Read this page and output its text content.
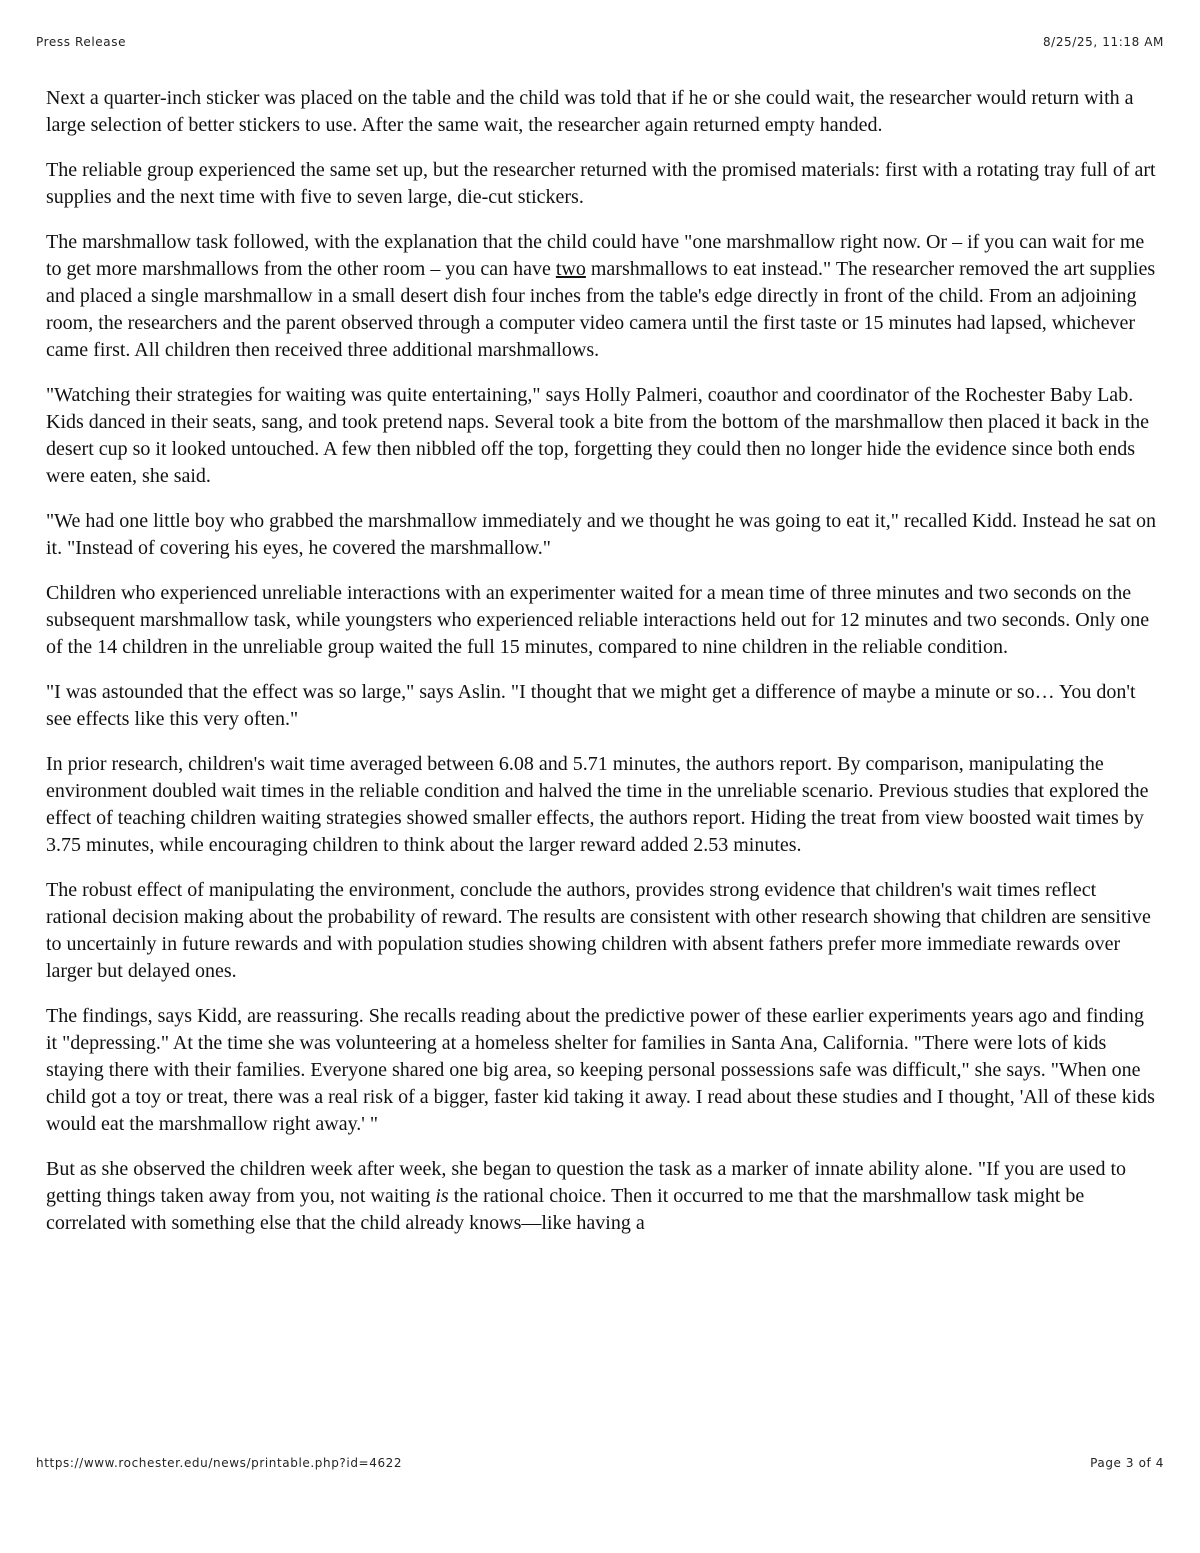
Press Release	8/25/25, 11:18 AM

Next a quarter-inch sticker was placed on the table and the child was told that if he or she could wait, the researcher would return with a large selection of better stickers to use. After the same wait, the researcher again returned empty handed.

The reliable group experienced the same set up, but the researcher returned with the promised materials: first with a rotating tray full of art supplies and the next time with five to seven large, die-cut stickers.

The marshmallow task followed, with the explanation that the child could have "one marshmallow right now. Or – if you can wait for me to get more marshmallows from the other room – you can have two marshmallows to eat instead." The researcher removed the art supplies and placed a single marshmallow in a small desert dish four inches from the table's edge directly in front of the child. From an adjoining room, the researchers and the parent observed through a computer video camera until the first taste or 15 minutes had lapsed, whichever came first. All children then received three additional marshmallows.

"Watching their strategies for waiting was quite entertaining," says Holly Palmeri, coauthor and coordinator of the Rochester Baby Lab. Kids danced in their seats, sang, and took pretend naps. Several took a bite from the bottom of the marshmallow then placed it back in the desert cup so it looked untouched. A few then nibbled off the top, forgetting they could then no longer hide the evidence since both ends were eaten, she said.

"We had one little boy who grabbed the marshmallow immediately and we thought he was going to eat it," recalled Kidd. Instead he sat on it. "Instead of covering his eyes, he covered the marshmallow."

Children who experienced unreliable interactions with an experimenter waited for a mean time of three minutes and two seconds on the subsequent marshmallow task, while youngsters who experienced reliable interactions held out for 12 minutes and two seconds. Only one of the 14 children in the unreliable group waited the full 15 minutes, compared to nine children in the reliable condition.

"I was astounded that the effect was so large," says Aslin. "I thought that we might get a difference of maybe a minute or so… You don't see effects like this very often."

In prior research, children's wait time averaged between 6.08 and 5.71 minutes, the authors report. By comparison, manipulating the environment doubled wait times in the reliable condition and halved the time in the unreliable scenario. Previous studies that explored the effect of teaching children waiting strategies showed smaller effects, the authors report. Hiding the treat from view boosted wait times by 3.75 minutes, while encouraging children to think about the larger reward added 2.53 minutes.

The robust effect of manipulating the environment, conclude the authors, provides strong evidence that children's wait times reflect rational decision making about the probability of reward. The results are consistent with other research showing that children are sensitive to uncertainly in future rewards and with population studies showing children with absent fathers prefer more immediate rewards over larger but delayed ones.

The findings, says Kidd, are reassuring. She recalls reading about the predictive power of these earlier experiments years ago and finding it "depressing." At the time she was volunteering at a homeless shelter for families in Santa Ana, California. "There were lots of kids staying there with their families. Everyone shared one big area, so keeping personal possessions safe was difficult," she says. "When one child got a toy or treat, there was a real risk of a bigger, faster kid taking it away. I read about these studies and I thought, 'All of these kids would eat the marshmallow right away.' "

But as she observed the children week after week, she began to question the task as a marker of innate ability alone. "If you are used to getting things taken away from you, not waiting is the rational choice. Then it occurred to me that the marshmallow task might be correlated with something else that the child already knows—like having a

https://www.rochester.edu/news/printable.php?id=4622	Page 3 of 4
